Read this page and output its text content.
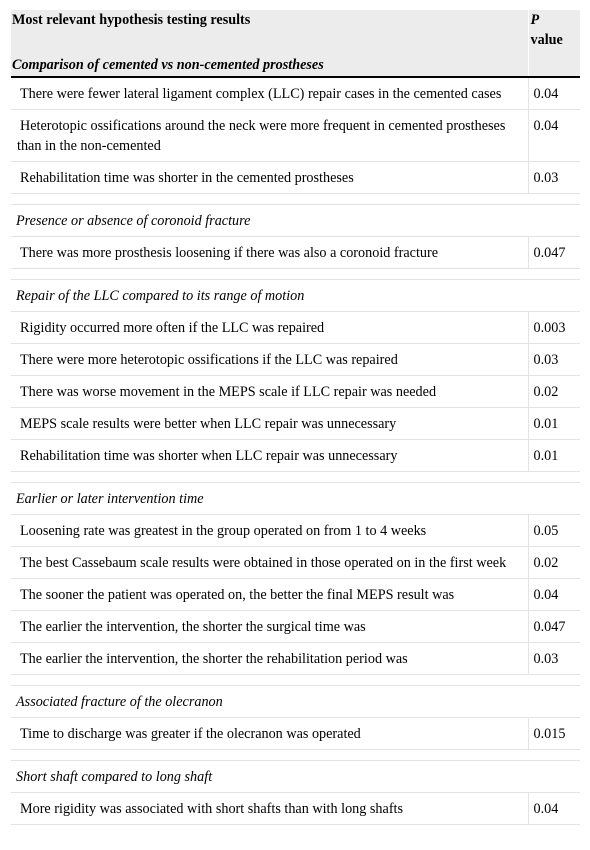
Most relevant hypothesis testing results
Comparison of cemented vs non-cemented prostheses	P
value
There were fewer lateral ligament complex (LLC) repair cases in the cemented cases	0.04
Heterotopic ossifications around the neck were more frequent in cemented prostheses than in the non-cemented	0.04
Rehabilitation time was shorter in the cemented prostheses	0.03

Presence or absence of coronoid fracture	
There was more prosthesis loosening if there was also a coronoid fracture	0.047

Repair of the LLC compared to its range of motion	
Rigidity occurred more often if the LLC was repaired	0.003
There were more heterotopic ossifications if the LLC was repaired	0.03
There was worse movement in the MEPS scale if LLC repair was needed	0.02
MEPS scale results were better when LLC repair was unnecessary	0.01
Rehabilitation time was shorter when LLC repair was unnecessary	0.01

Earlier or later intervention time	
Loosening rate was greatest in the group operated on from 1 to 4 weeks	0.05
The best Cassebaum scale results were obtained in those operated on in the first week	0.02
The sooner the patient was operated on, the better the final MEPS result was	0.04
The earlier the intervention, the shorter the surgical time was	0.047
The earlier the intervention, the shorter the rehabilitation period was	0.03

Associated fracture of the olecranon	
Time to discharge was greater if the olecranon was operated	0.015

Short shaft compared to long shaft	
More rigidity was associated with short shafts than with long shafts	0.04
